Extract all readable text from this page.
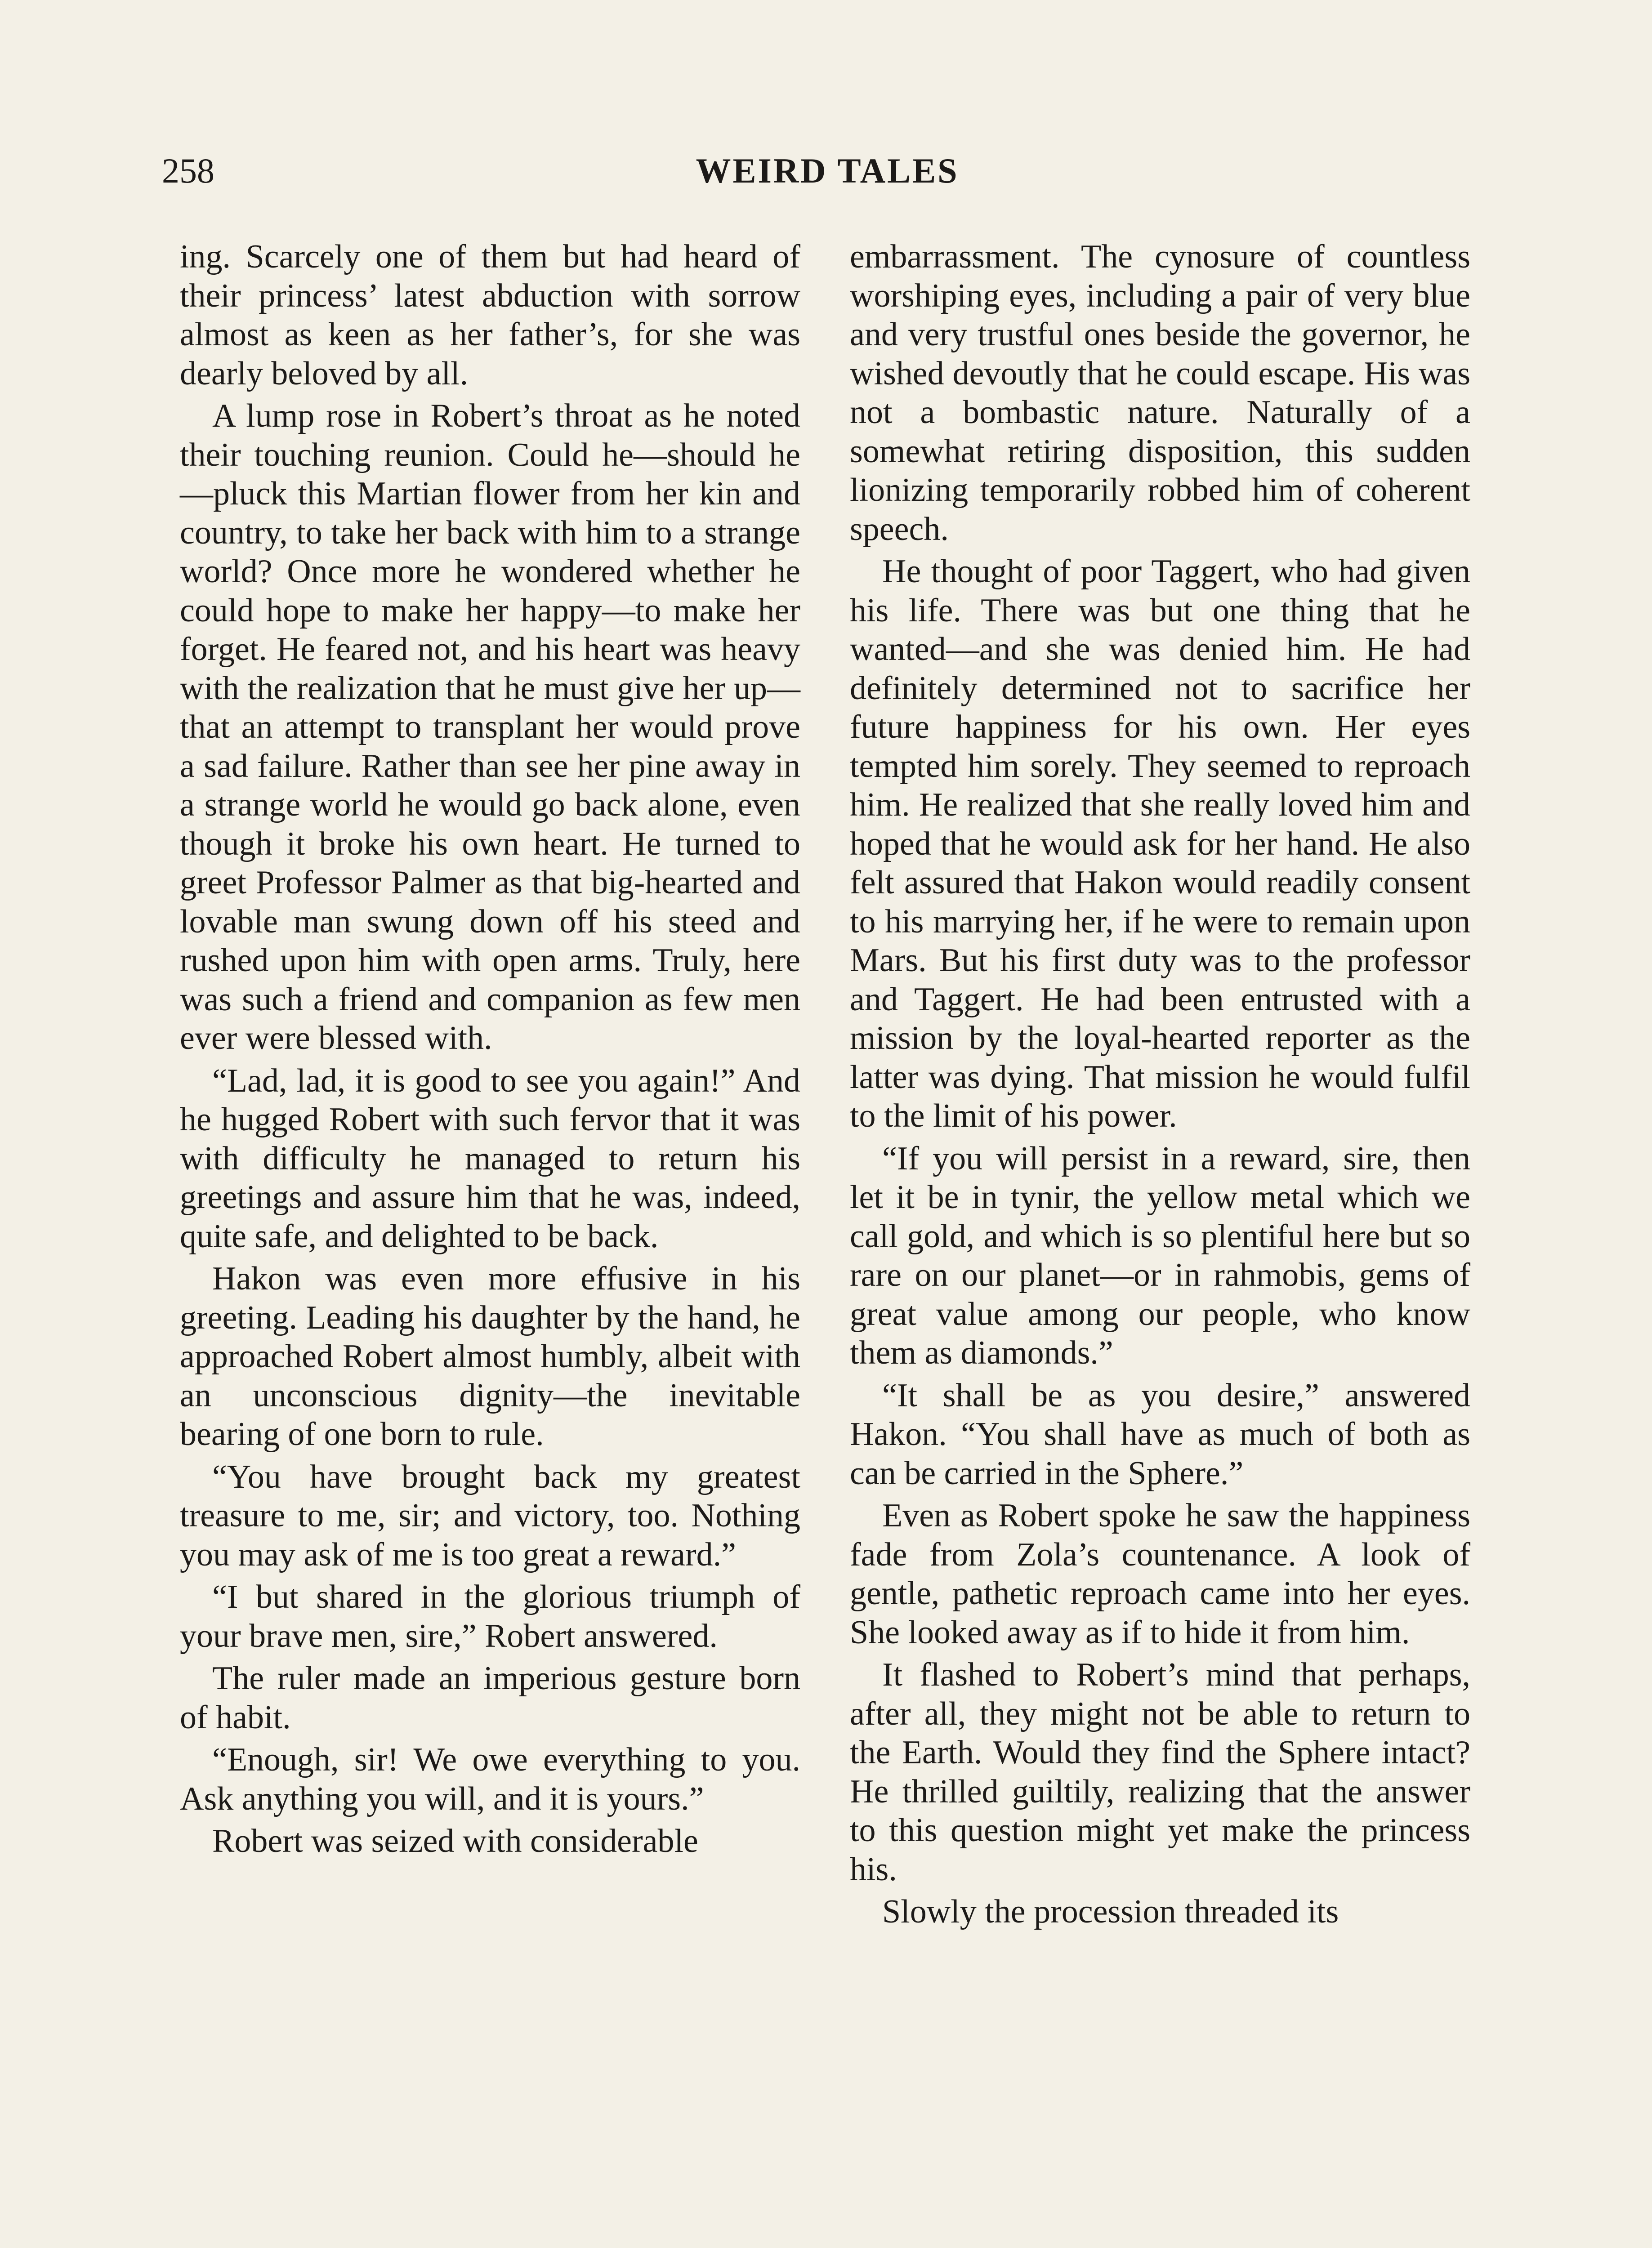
258	WEIRD TALES

ing. Scarcely one of them but had heard of their princess’ latest abduction with sorrow almost as keen as her father’s, for she was dearly beloved by all.

A lump rose in Robert’s throat as he noted their touching reunion. Could he—should he—pluck this Martian flower from her kin and country, to take her back with him to a strange world? Once more he wondered whether he could hope to make her happy—to make her forget. He feared not, and his heart was heavy with the realization that he must give her up—that an attempt to transplant her would prove a sad failure. Rather than see her pine away in a strange world he would go back alone, even though it broke his own heart. He turned to greet Professor Palmer as that big-hearted and lovable man swung down off his steed and rushed upon him with open arms. Truly, here was such a friend and companion as few men ever were blessed with.

“Lad, lad, it is good to see you again!” And he hugged Robert with such fervor that it was with difficulty he managed to return his greetings and assure him that he was, indeed, quite safe, and delighted to be back.

Hakon was even more effusive in his greeting. Leading his daughter by the hand, he approached Robert almost humbly, albeit with an unconscious dignity—the inevitable bearing of one born to rule.

“You have brought back my greatest treasure to me, sir; and victory, too. Nothing you may ask of me is too great a reward.”

“I but shared in the glorious triumph of your brave men, sire,” Robert answered.

The ruler made an imperious gesture born of habit.

“Enough, sir! We owe everything to you. Ask anything you will, and it is yours.”

Robert was seized with considerable

embarrassment. The cynosure of countless worshiping eyes, including a pair of very blue and very trustful ones beside the governor, he wished devoutly that he could escape. His was not a bombastic nature. Naturally of a somewhat retiring disposition, this sudden lionizing temporarily robbed him of coherent speech.

He thought of poor Taggert, who had given his life. There was but one thing that he wanted—and she was denied him. He had definitely determined not to sacrifice her future happiness for his own. Her eyes tempted him sorely. They seemed to reproach him. He realized that she really loved him and hoped that he would ask for her hand. He also felt assured that Hakon would readily consent to his marrying her, if he were to remain upon Mars. But his first duty was to the professor and Taggert. He had been entrusted with a mission by the loyal-hearted reporter as the latter was dying. That mission he would fulfil to the limit of his power.

“If you will persist in a reward, sire, then let it be in tynir, the yellow metal which we call gold, and which is so plentiful here but so rare on our planet—or in rahmobis, gems of great value among our people, who know them as diamonds.”

“It shall be as you desire,” answered Hakon. “You shall have as much of both as can be carried in the Sphere.”

Even as Robert spoke he saw the happiness fade from Zola’s countenance. A look of gentle, pathetic reproach came into her eyes. She looked away as if to hide it from him.

It flashed to Robert’s mind that perhaps, after all, they might not be able to return to the Earth. Would they find the Sphere intact? He thrilled guiltily, realizing that the answer to this question might yet make the princess his.

Slowly the procession threaded its
